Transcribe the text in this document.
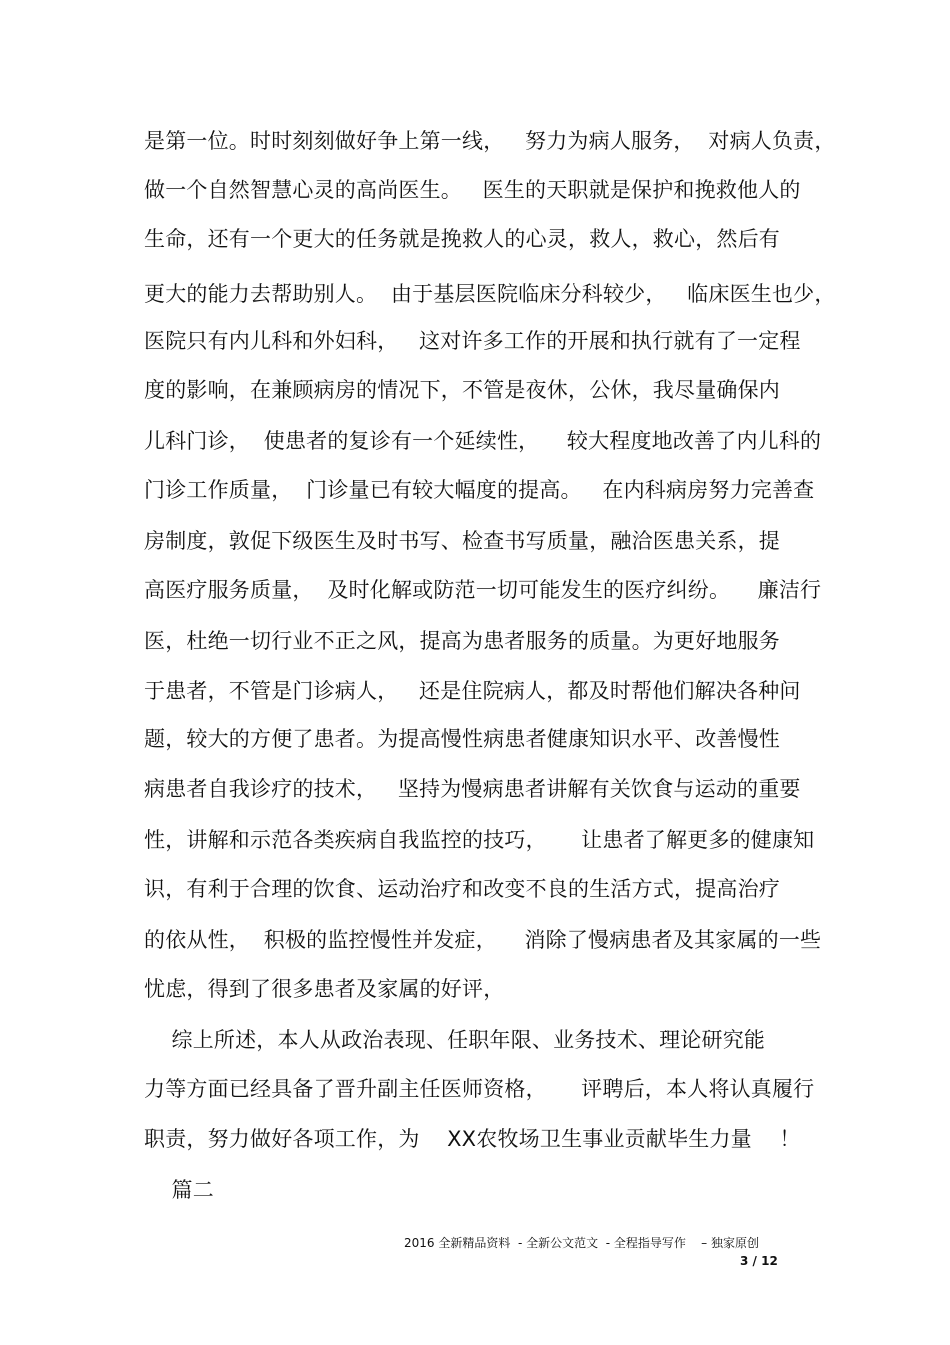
是第一位。时时刻刻做好争上第一线，   努力为病人服务，  对病人负责，
做一个自然智慧心灵的高尚医生。   医生的天职就是保护和挽救他人的
生命，还有一个更大的任务就是挽救人的心灵，救人，救心，然后有
更大的能力去帮助别人。  由于基层医院临床分科较少，   临床医生也少，
医院只有内儿科和外妇科，   这对许多工作的开展和执行就有了一定程
度的影响，在兼顾病房的情况下，不管是夜休，公休，我尽量确保内
儿科门诊，  使患者的复诊有一个延续性，    较大程度地改善了内儿科的
门诊工作质量，  门诊量已有较大幅度的提高。   在内科病房努力完善查
房制度，敦促下级医生及时书写、检查书写质量，融洽医患关系，提
高医疗服务质量，  及时化解或防范一切可能发生的医疗纠纷。    廉洁行
医，杜绝一切行业不正之风，提高为患者服务的质量。为更好地服务
于患者，不管是门诊病人，   还是住院病人，都及时帮他们解决各种问
题，较大的方便了患者。为提高慢性病患者健康知识水平、改善慢性
病患者自我诊疗的技术，   坚持为慢病患者讲解有关饮食与运动的重要
性，讲解和示范各类疾病自我监控的技巧，     让患者了解更多的健康知
识，有利于合理的饮食、运动治疗和改变不良的生活方式，提高治疗
的依从性，  积极的监控慢性并发症，    消除了慢病患者及其家属的一些
忧虑，得到了很多患者及家属的好评，
综上所述，本人从政治表现、任职年限、业务技术、理论研究能
力等方面已经具备了晋升副主任医师资格，     评聘后，本人将认真履行
职责，努力做好各项工作，为    XX农牧场卫生事业贡献毕生力量    ！
篇二
2016 全新精品资料  - 全新公文范文  - 全程指导写作    – 独家原创
3 / 12
